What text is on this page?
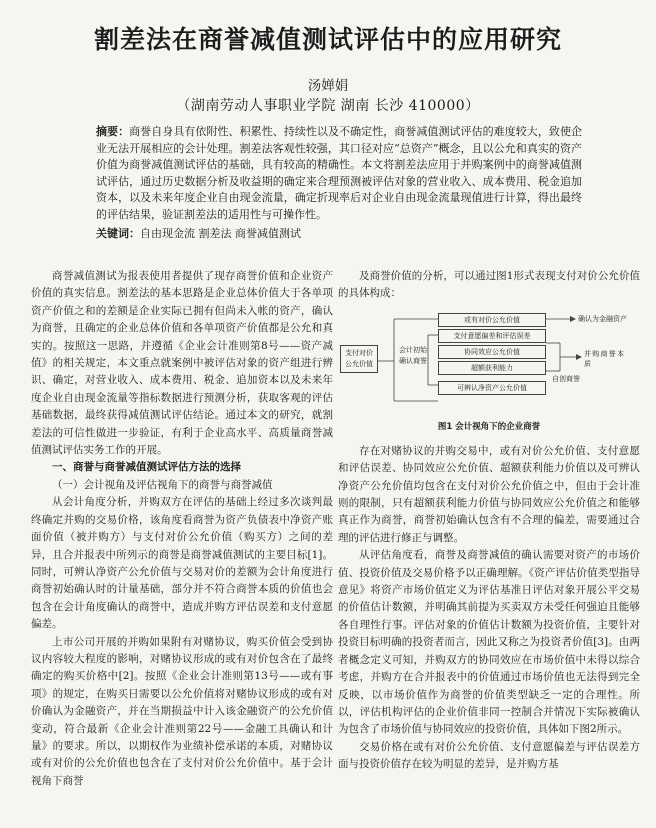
割差法在商誉减值测试评估中的应用研究
汤婵娟
（湖南劳动人事职业学院 湖南 长沙 410000）
摘要：商誉自身具有依附性、积累性、持续性以及不确定性，商誉减值测试评估的难度较大，致使企业无法开展相应的会计处理。割差法客观性较强，其口径对应“总资产”概念，且以公允和真实的资产价值为商誉减值测试评估的基础，具有较高的精确性。本文将割差法应用于并购案例中的商誉减值测试评估，通过历史数据分析及收益期的确定来合理预测被评估对象的营业收入、成本费用、税金追加资本，以及未来年度企业自由现金流量，确定折现率后对企业自由现金流量现值进行计算，得出最终的评估结果，验证割差法的适用性与可操作性。
关键词：自由现金流 割差法 商誉减值测试

商誉减值测试为报表使用者提供了现存商誉价值和企业资产价值的真实信息。割差法的基本思路是企业总体价值大于各单项资产价值之和的差额是企业实际已拥有但尚未入帐的资产，确认为商誉，且确定的企业总体价值和各单项资产价值都是公允和真实的。按照这一思路，并遵循《企业会计准则第8号——资产减值》的相关规定，本文重点就案例中被评估对象的资产组进行辨识、确定，对营业收入、成本费用、税金、追加资本以及未来年度企业自由现金流量等指标数据进行预测分析，获取客观的评估基础数据，最终获得减值测试评估结论。通过本文的研究，就割差法的可信性做进一步验证，有利于企业高水平、高质量商誉减值测试评估实务工作的开展。

一、商誉与商誉减值测试评估方法的选择
（一）会计视角及评估视角下的商誉与商誉减值

从会计角度分析，并购双方在评估的基础上经过多次谈判最终确定并购的交易价格，该角度看商誉为资产负债表中净资产账面价值（被并购方）与支付对价公允价值（购买方）之间的差异，且合并报表中所列示的商誉是商誉减值测试的主要目标[1]。同时，可辨认净资产公允价值与交易对价的差额为会计角度进行商誉初始确认时的计量基础，部分并不符合商誉本质的价值也会包含在会计角度确认的商誉中，造成并购方评估误差和支付意愿偏差。

上市公司开展的并购如果附有对赌协议，购买价值会受到协议内容较大程度的影响，对赌协议形成的或有对价包含在了最终确定的购买价格中[2]。按照《企业会计准则第13号——或有事项》的规定，在购买日需要以公允价值将对赌协议形成的或有对价确认为金融资产，并在当期损益中计入该金融资产的公允价值变动，符合最新《企业会计准则第22号——金融工具确认和计量》的要求。所以，以期权作为业绩补偿承诺的本质，对赌协议或有对价的公允价值也包含在了支付对价公允价值中。基于会计视角下商誉

及商誉价值的分析，可以通过图1形式表现支付对价公允价值的具体构成：

支付对价
公允价值
会计初始
确认商誉
或有对价公允价值
支付意愿偏差和评估误差
协同效应公允价值
超额获利能力
可辨认净资产公允价值
确认为金融资产
并购商誉本质
自创商誉
图1 会计视角下的企业商誉

存在对赌协议的并购交易中，或有对价公允价值、支付意愿和评估误差、协同效应公允价值、超额获利能力价值以及可辨认净资产公允价值均包含在支付对价公允价值之中，但由于会计准则的限制，只有超额获利能力价值与协同效应公允价值之和能够真正作为商誉，商誉初始确认包含有不合理的偏差，需要通过合理的评估进行修正与调整。

从评估角度看，商誉及商誉减值的确认需要对资产的市场价值、投资价值及交易价格予以正确理解。《资产评估价值类型指导意见》将资产市场价值定义为评估基准日评估对象开展公平交易的价值估计数额，并明确其前提为买卖双方未受任何强迫且能够各自理性行事。评估对象的价值估计数额为投资价值，主要针对投资目标明确的投资者而言，因此又称之为投资者价值[3]。由两者概念定义可知，并购双方的协同效应在市场价值中未得以综合考虑，并购方在合并报表中的价值通过市场价值也无法得到完全反映，以市场价值作为商誉的价值类型缺乏一定的合理性。所以，评估机构评估的企业价值非同一控制合并情况下实际被确认为包含了市场价值与协同效应的投资价值，具体如下图2所示。

交易价格在或有对价公允价值、支付意愿偏差与评估误差方面与投资价值存在较为明显的差异，是并购方基
